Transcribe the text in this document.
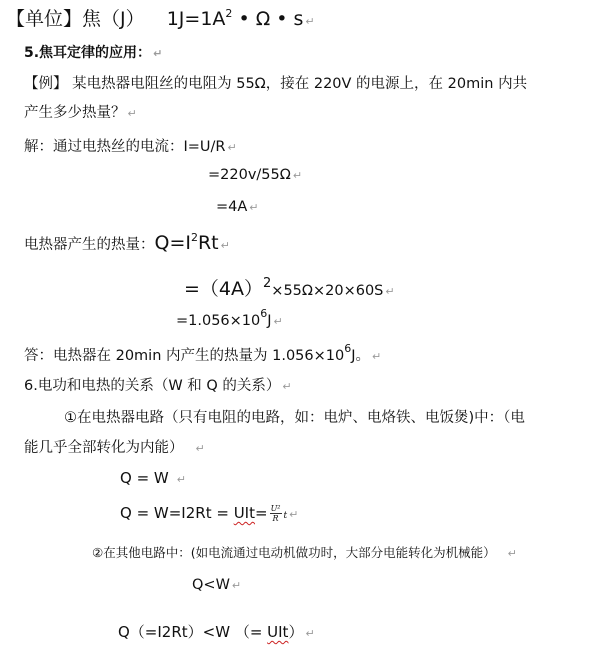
【单位】焦（J） $1J=1A^2$ • Ω • s ↵
5.焦耳定律的应用： ↵
【例】 某电热器电阻丝的电阻为 55Ω，接在 220V 的电源上，在 20min 内共
产生多少热量？ ↵
解：通过电热丝的电流：I=U/R ↵
=220v/55Ω ↵
=4A ↵
电热器产生的热量：$Q=I^2Rt$ ↵
$=(4A)^2\times 55\Omega\times 20\times 60S$ ↵
$=1.056\times 10^6J$ ↵
答：电热器在 20min 内产生的热量为 $1.056\times 10^6J$。 ↵
6.电功和电热的关系（W 和 Q 的关系） ↵
①在电热器电路（只有电阻的电路，如：电炉、电烙铁、电饭煲)中：（电
能几乎全部转化为内能） ↵
Q = W ↵
$Q = W=I2Rt = UIt= \frac{\text{U²}}{R}$ t ↵
②在其他电路中：(如电流通过电动机做功时，大部分电能转化为机械能） ↵
Q<W ↵
Q（=I2Rt）<W （= UIt） ↵
